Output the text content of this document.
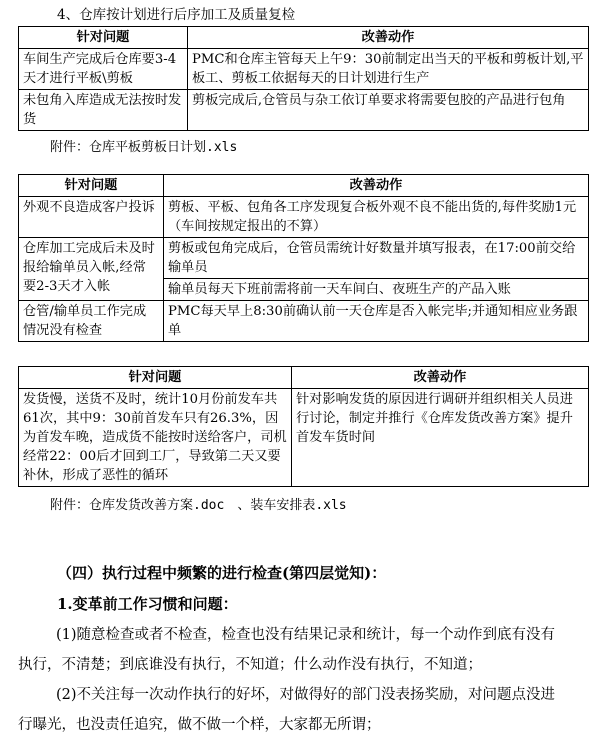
4、仓库按计划进行后序加工及质量复检
针对问题	改善动作
车间生产完成后仓库要3-4天才进行平板\剪板	PMC和仓库主管每天上午9：30前制定出当天的平板和剪板计划,平板工、剪板工依据每天的日计划进行生产
未包角入库造成无法按时发货	剪板完成后,仓管员与杂工依订单要求将需要包胶的产品进行包角
附件：仓库平板剪板日计划.xls
针对问题	改善动作
外观不良造成客户投诉	剪板、平板、包角各工序发现复合板外观不良不能出货的,每件奖励1元（车间按规定报出的不算）
仓库加工完成后未及时报给输单员入帐,经常要2-3天才入帐	剪板或包角完成后，仓管员需统计好数量并填写报表，在17:00前交给输单员
	输单员每天下班前需将前一天车间白、夜班生产的产品入账
仓管/输单员工作完成情况没有检查	PMC每天早上8:30前确认前一天仓库是否入帐完毕;并通知相应业务跟单
针对问题	改善动作
发货慢，送货不及时，统计10月份前发车共61次，其中9：30前首发车只有26.3%，因为首发车晚，造成货不能按时送给客户，司机经常22：00后才回到工厂，导致第二天又要补休，形成了恶性的循环	针对影响发货的原因进行调研并组织相关人员进行讨论，制定并推行《仓库发货改善方案》提升首发车货时间
附件：仓库发货改善方案.doc　、装车安排表.xls
（四）执行过程中频繁的进行检查(第四层觉知)：
1.变革前工作习惯和问题：
(1)随意检查或者不检查，检查也没有结果记录和统计，每一个动作到底有没有执行，不清楚；到底谁没有执行，不知道；什么动作没有执行，不知道；
(2)不关注每一次动作执行的好坏，对做得好的部门没表扬奖励，对问题点没进行曝光，也没责任追究，做不做一个样，大家都无所谓；
